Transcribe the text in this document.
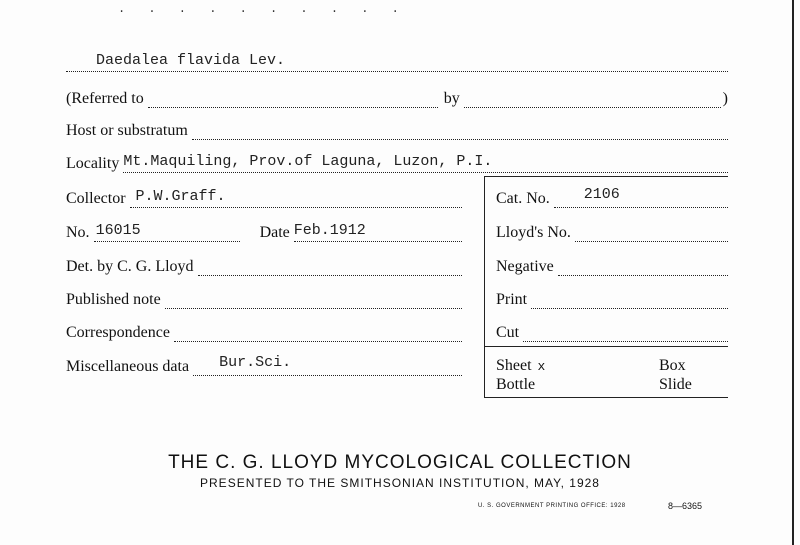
. . . . . . . . . .
Daedalea flavida Lev.
(Referred to	by	)
Host or substratum
Locality Mt.Maquiling, Prov.of Laguna, Luzon, P.I.
Collector P.W.Graff.
No. 16015	Date Feb.1912
Det. by C. G. Lloyd
Published note
Correspondence
Miscellaneous data Bur.Sci.
Cat. No. 2106
Lloyd's No.
Negative
Print
Cut
Sheet x	Box
Bottle	Slide
THE C. G. LLOYD MYCOLOGICAL COLLECTION
PRESENTED TO THE SMITHSONIAN INSTITUTION, MAY, 1928
U. S. GOVERNMENT PRINTING OFFICE: 1928	8—6365
